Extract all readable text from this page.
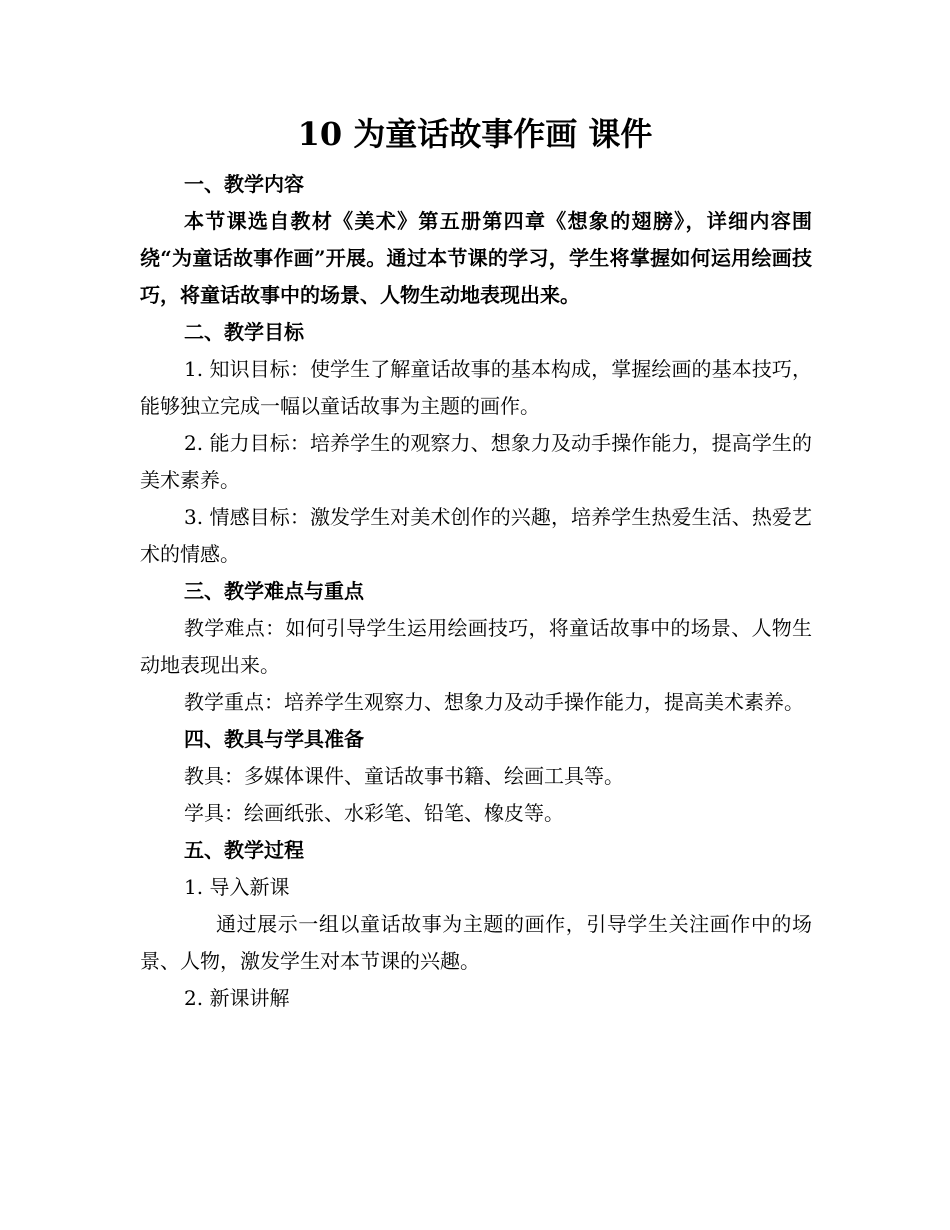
10 为童话故事作画 课件

一、教学内容

本节课选自教材《美术》第五册第四章《想象的翅膀》，详细内容围绕“为童话故事作画”开展。通过本节课的学习，学生将掌握如何运用绘画技巧，将童话故事中的场景、人物生动地表现出来。

二、教学目标

1. 知识目标：使学生了解童话故事的基本构成，掌握绘画的基本技巧，能够独立完成一幅以童话故事为主题的画作。

2. 能力目标：培养学生的观察力、想象力及动手操作能力，提高学生的美术素养。

3. 情感目标：激发学生对美术创作的兴趣，培养学生热爱生活、热爱艺术的情感。

三、教学难点与重点

教学难点：如何引导学生运用绘画技巧，将童话故事中的场景、人物生动地表现出来。

教学重点：培养学生观察力、想象力及动手操作能力，提高美术素养。

四、教具与学具准备

教具：多媒体课件、童话故事书籍、绘画工具等。

学具：绘画纸张、水彩笔、铅笔、橡皮等。

五、教学过程

1. 导入新课

通过展示一组以童话故事为主题的画作，引导学生关注画作中的场景、人物，激发学生对本节课的兴趣。

2. 新课讲解
